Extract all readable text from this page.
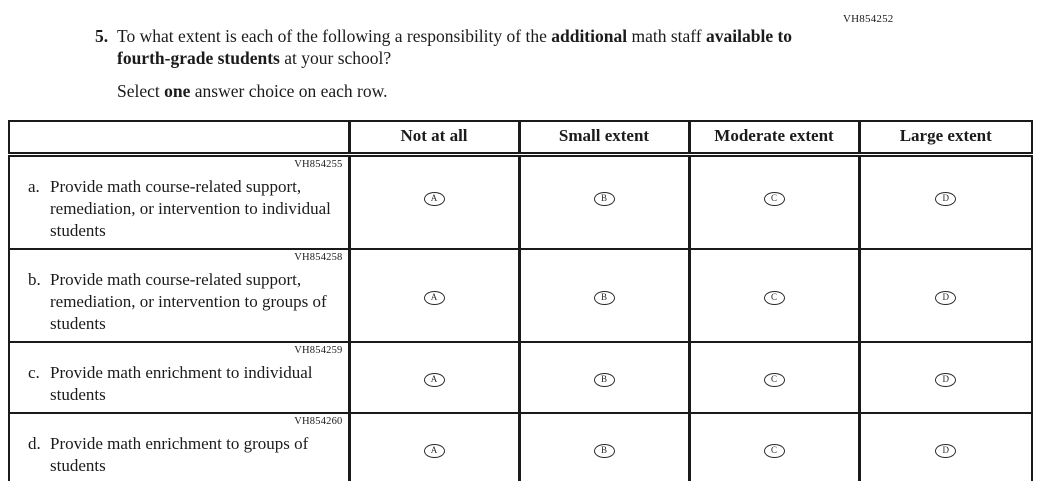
VH854252
5. To what extent is each of the following a responsibility of the additional math staff available to fourth-grade students at your school?
Select one answer choice on each row.
	Not at all	Small extent	Moderate extent	Large extent

VH854255
a. Provide math course-related support, remediation, or intervention to individual students	A	B	C	D

VH854258
b. Provide math course-related support, remediation, or intervention to groups of students	A	B	C	D

VH854259
c. Provide math enrichment to individual students	A	B	C	D

VH854260
d. Provide math enrichment to groups of students	A	B	C	D
